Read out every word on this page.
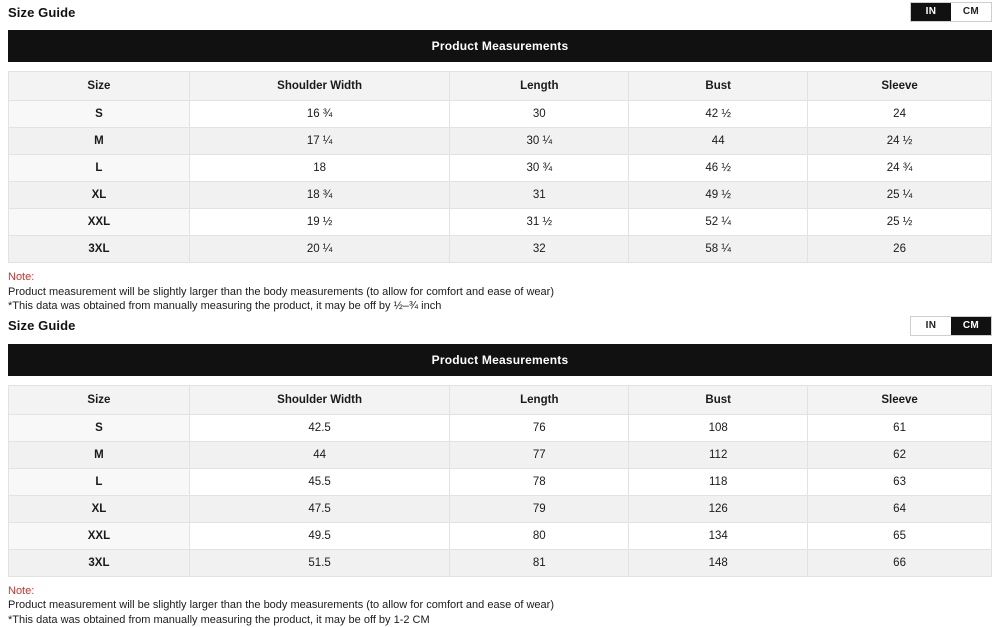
Size Guide	IN	CM
Product Measurements
Size	Shoulder Width	Length	Bust	Sleeve
S	16 ¾	30	42 ½	24
M	17 ¼	30 ¼	44	24 ½
L	18	30 ¾	46 ½	24 ¾
XL	18 ¾	31	49 ½	25 ¼
XXL	19 ½	31 ½	52 ¼	25 ½
3XL	20 ¼	32	58 ¼	26
Note:
Product measurement will be slightly larger than the body measurements (to allow for comfort and ease of wear)
*This data was obtained from manually measuring the product, it may be off by ½–¾ inch
Size Guide	IN	CM
Product Measurements
Size	Shoulder Width	Length	Bust	Sleeve
S	42.5	76	108	61
M	44	77	112	62
L	45.5	78	118	63
XL	47.5	79	126	64
XXL	49.5	80	134	65
3XL	51.5	81	148	66
Note:
Product measurement will be slightly larger than the body measurements (to allow for comfort and ease of wear)
*This data was obtained from manually measuring the product, it may be off by 1-2 CM
